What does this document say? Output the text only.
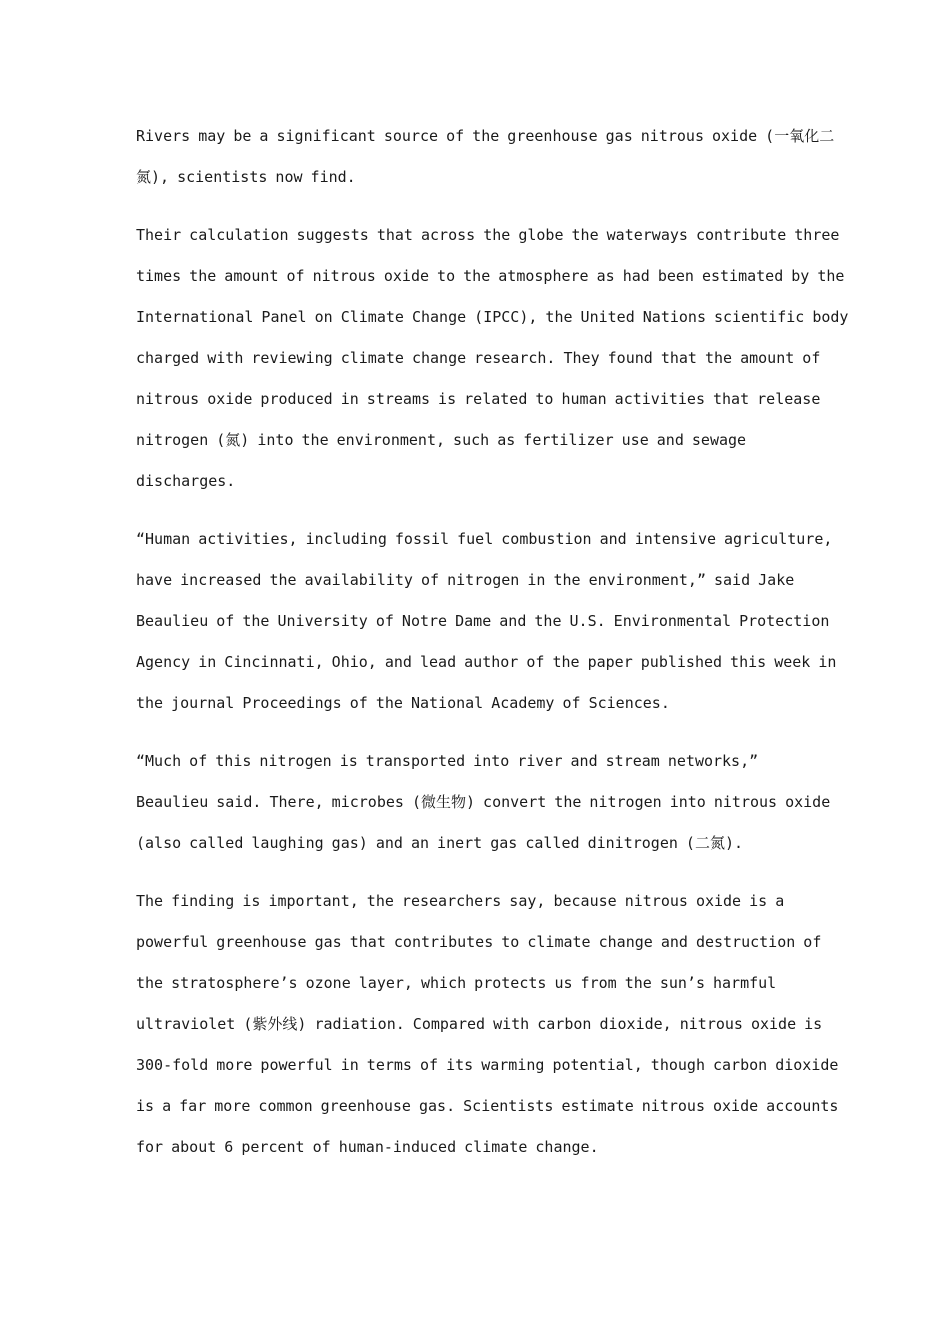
Rivers may be a significant source of the greenhouse gas nitrous oxide (一氧化二
氮), scientists now find.

Their calculation suggests that across the globe the waterways contribute three
times the amount of nitrous oxide to the atmosphere as had been estimated by the
International Panel on Climate Change (IPCC), the United Nations scientific body
charged with reviewing climate change research. They found that the amount of
nitrous oxide produced in streams is related to human activities that release
nitrogen (氮) into the environment, such as fertilizer use and sewage
discharges.

“Human activities, including fossil fuel combustion and intensive agriculture,
have increased the availability of nitrogen in the environment,” said Jake
Beaulieu of the University of Notre Dame and the U.S. Environmental Protection
Agency in Cincinnati, Ohio, and lead author of the paper published this week in
the journal Proceedings of the National Academy of Sciences.

“Much of this nitrogen is transported into river and stream networks,”
Beaulieu said. There, microbes (微生物) convert the nitrogen into nitrous oxide
(also called laughing gas) and an inert gas called dinitrogen (二氮).

The finding is important, the researchers say, because nitrous oxide is a
powerful greenhouse gas that contributes to climate change and destruction of
the stratosphere’s ozone layer, which protects us from the sun’s harmful
ultraviolet (紫外线) radiation. Compared with carbon dioxide, nitrous oxide is
300-fold more powerful in terms of its warming potential, though carbon dioxide
is a far more common greenhouse gas. Scientists estimate nitrous oxide accounts
for about 6 percent of human-induced climate change.
